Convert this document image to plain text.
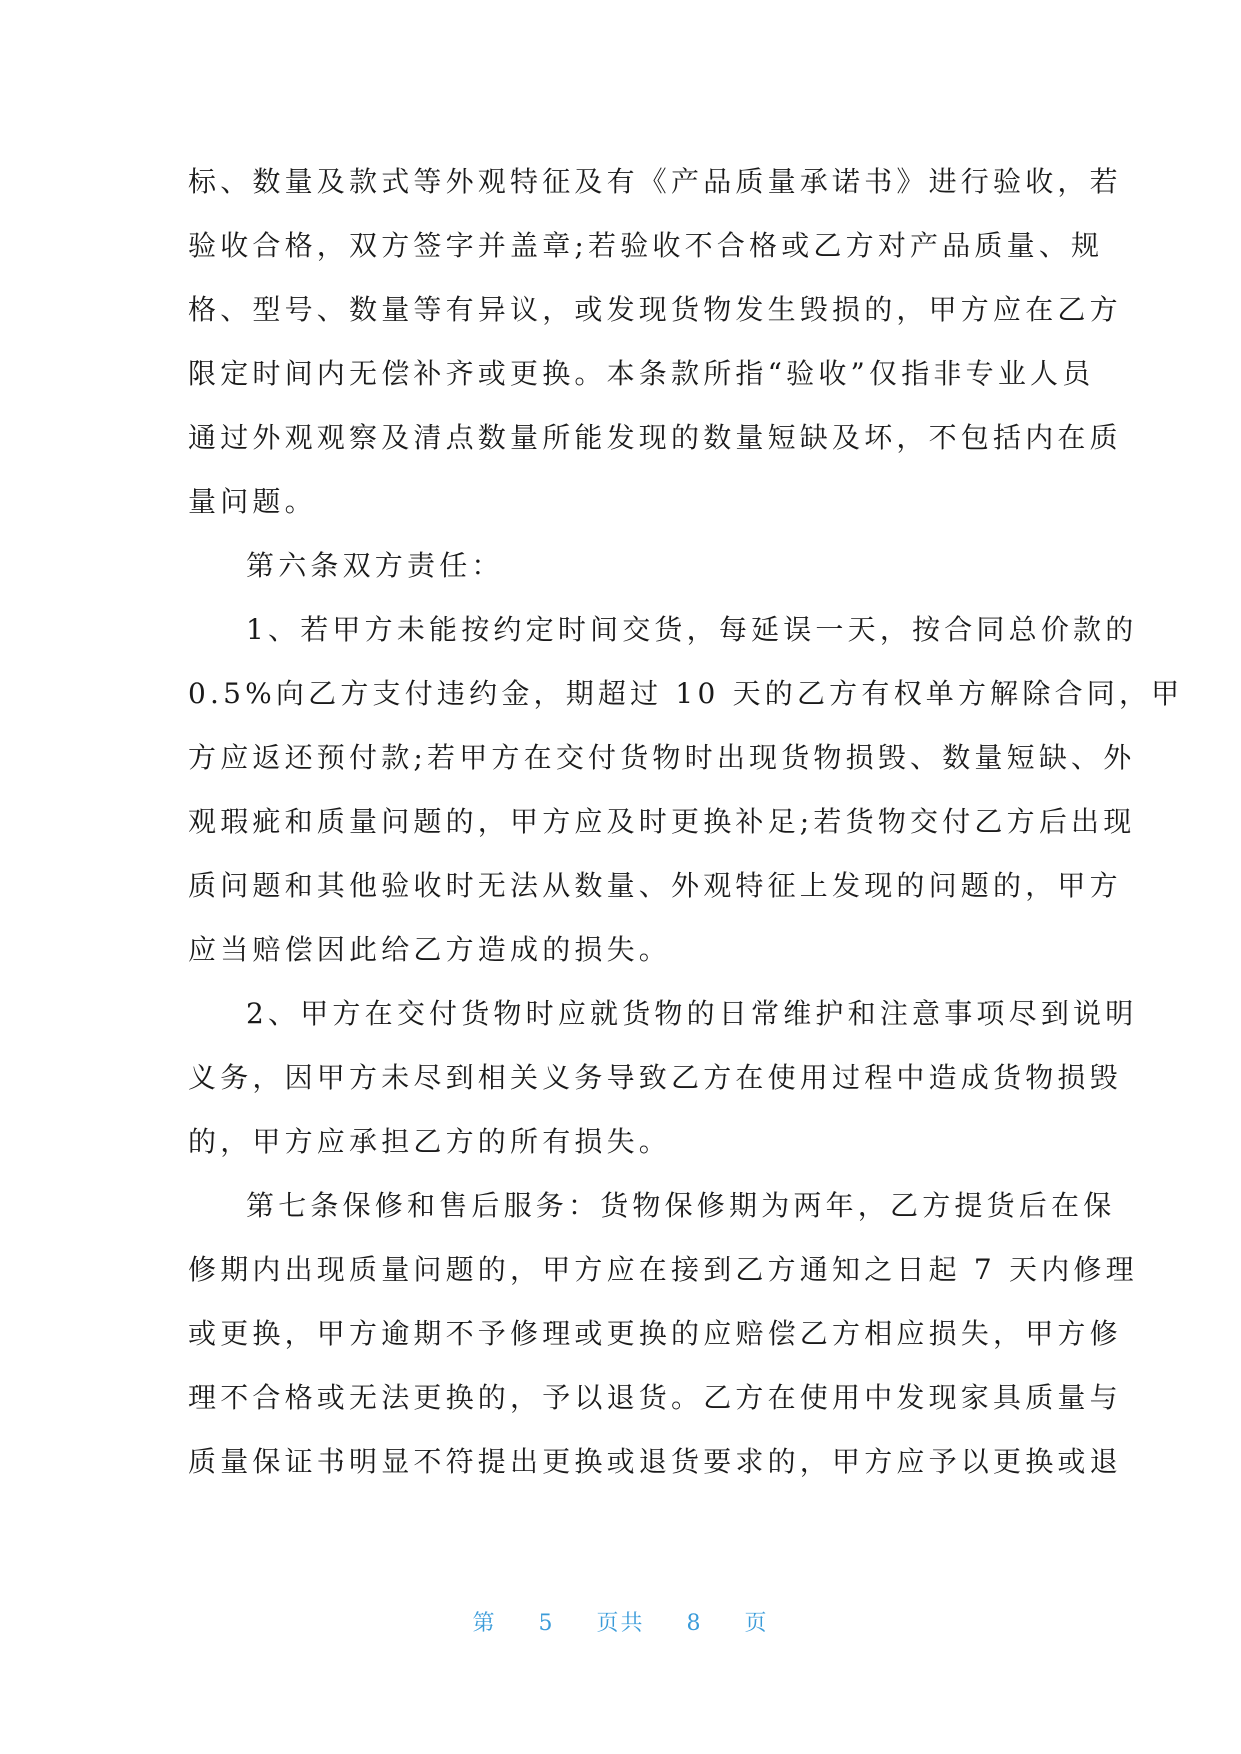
标、数量及款式等外观特征及有《产品质量承诺书》进行验收，若
验收合格，双方签字并盖章;若验收不合格或乙方对产品质量、规
格、型号、数量等有异议，或发现货物发生毁损的，甲方应在乙方
限定时间内无偿补齐或更换。本条款所指“验收”仅指非专业人员
通过外观观察及清点数量所能发现的数量短缺及坏，不包括内在质
量问题。
第六条双方责任：
1、若甲方未能按约定时间交货，每延误一天，按合同总价款的
0.5%向乙方支付违约金，期超过 10 天的乙方有权单方解除合同，甲
方应返还预付款;若甲方在交付货物时出现货物损毁、数量短缺、外
观瑕疵和质量问题的，甲方应及时更换补足;若货物交付乙方后出现
质问题和其他验收时无法从数量、外观特征上发现的问题的，甲方
应当赔偿因此给乙方造成的损失。
2、甲方在交付货物时应就货物的日常维护和注意事项尽到说明
义务，因甲方未尽到相关义务导致乙方在使用过程中造成货物损毁
的，甲方应承担乙方的所有损失。
第七条保修和售后服务：货物保修期为两年，乙方提货后在保
修期内出现质量问题的，甲方应在接到乙方通知之日起 7 天内修理
或更换，甲方逾期不予修理或更换的应赔偿乙方相应损失，甲方修
理不合格或无法更换的，予以退货。乙方在使用中发现家具质量与
质量保证书明显不符提出更换或退货要求的，甲方应予以更换或退
第 5 页共 8 页
